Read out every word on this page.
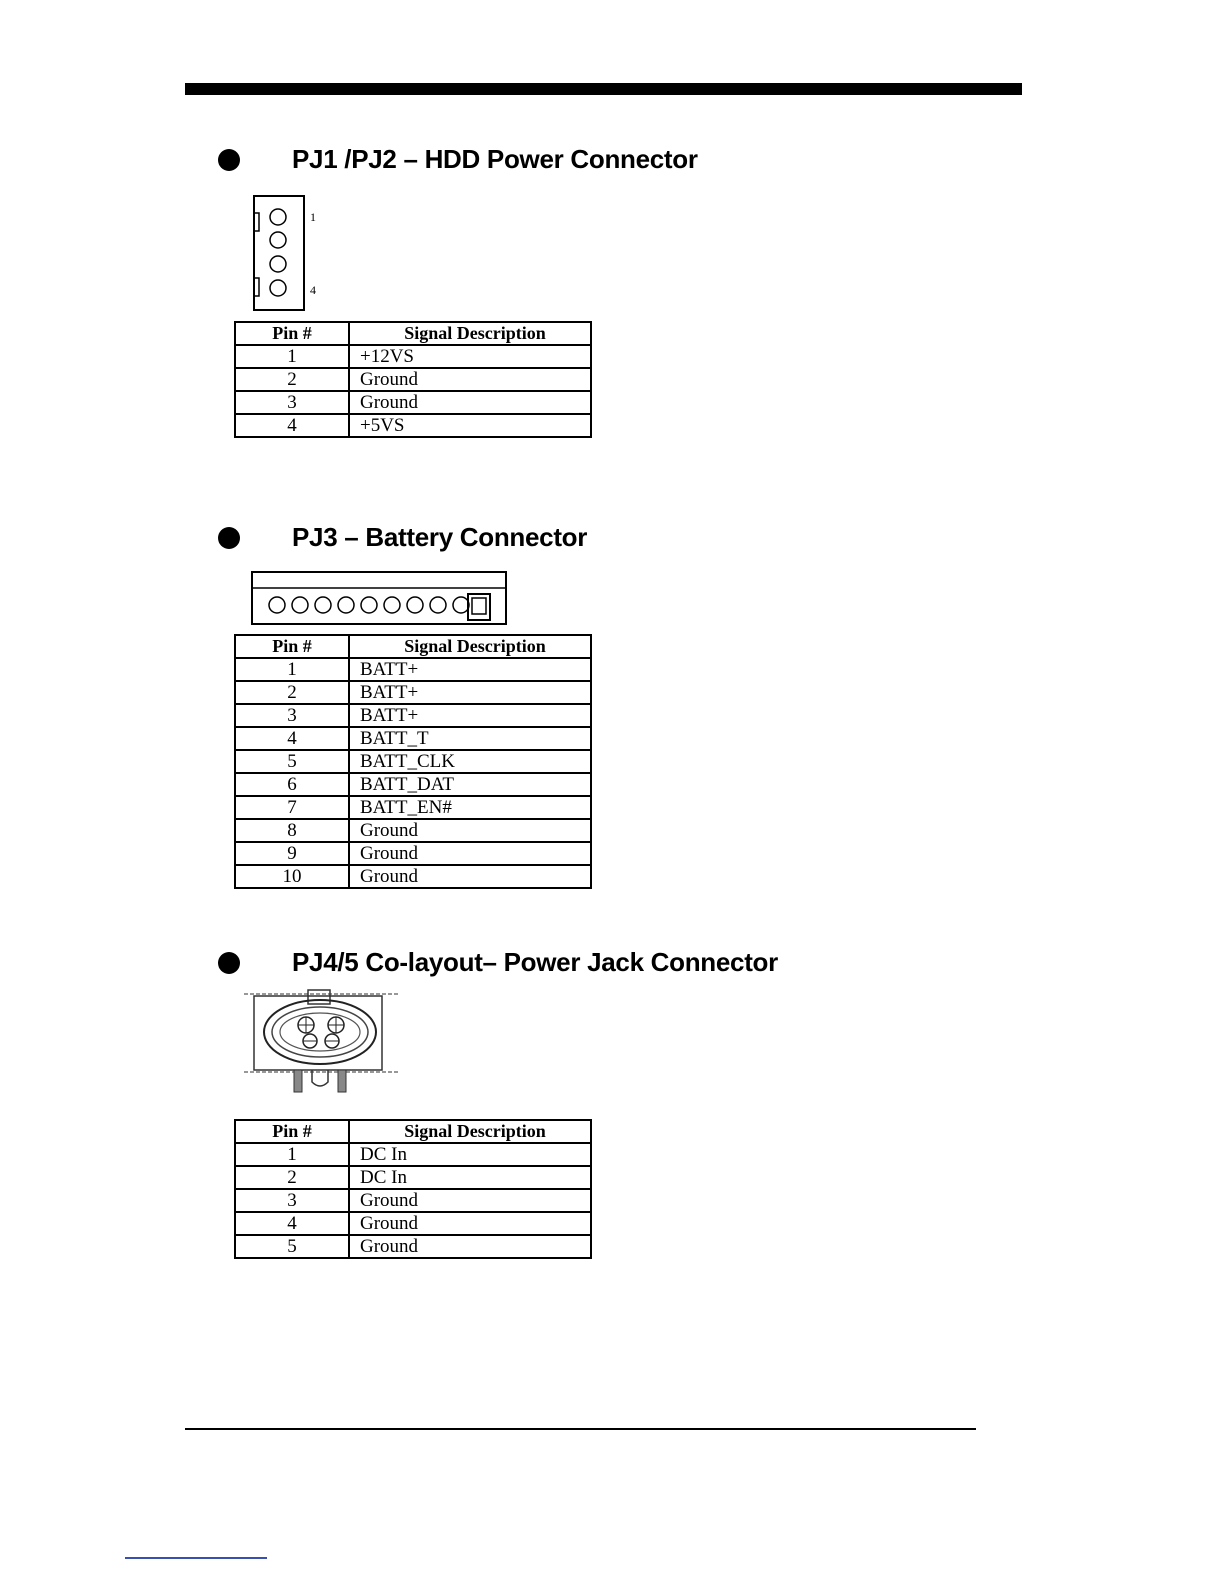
PJ1 /PJ2 – HDD Power Connector
1
4
Pin #	Signal Description
1	+12VS
2	Ground
3	Ground
4	+5VS
PJ3 – Battery Connector
Pin #	Signal Description
1	BATT+
2	BATT+
3	BATT+
4	BATT_T
5	BATT_CLK
6	BATT_DAT
7	BATT_EN#
8	Ground
9	Ground
10	Ground
PJ4/5 Co-layout– Power Jack Connector
Pin #	Signal Description
1	DC In
2	DC In
3	Ground
4	Ground
5	Ground
